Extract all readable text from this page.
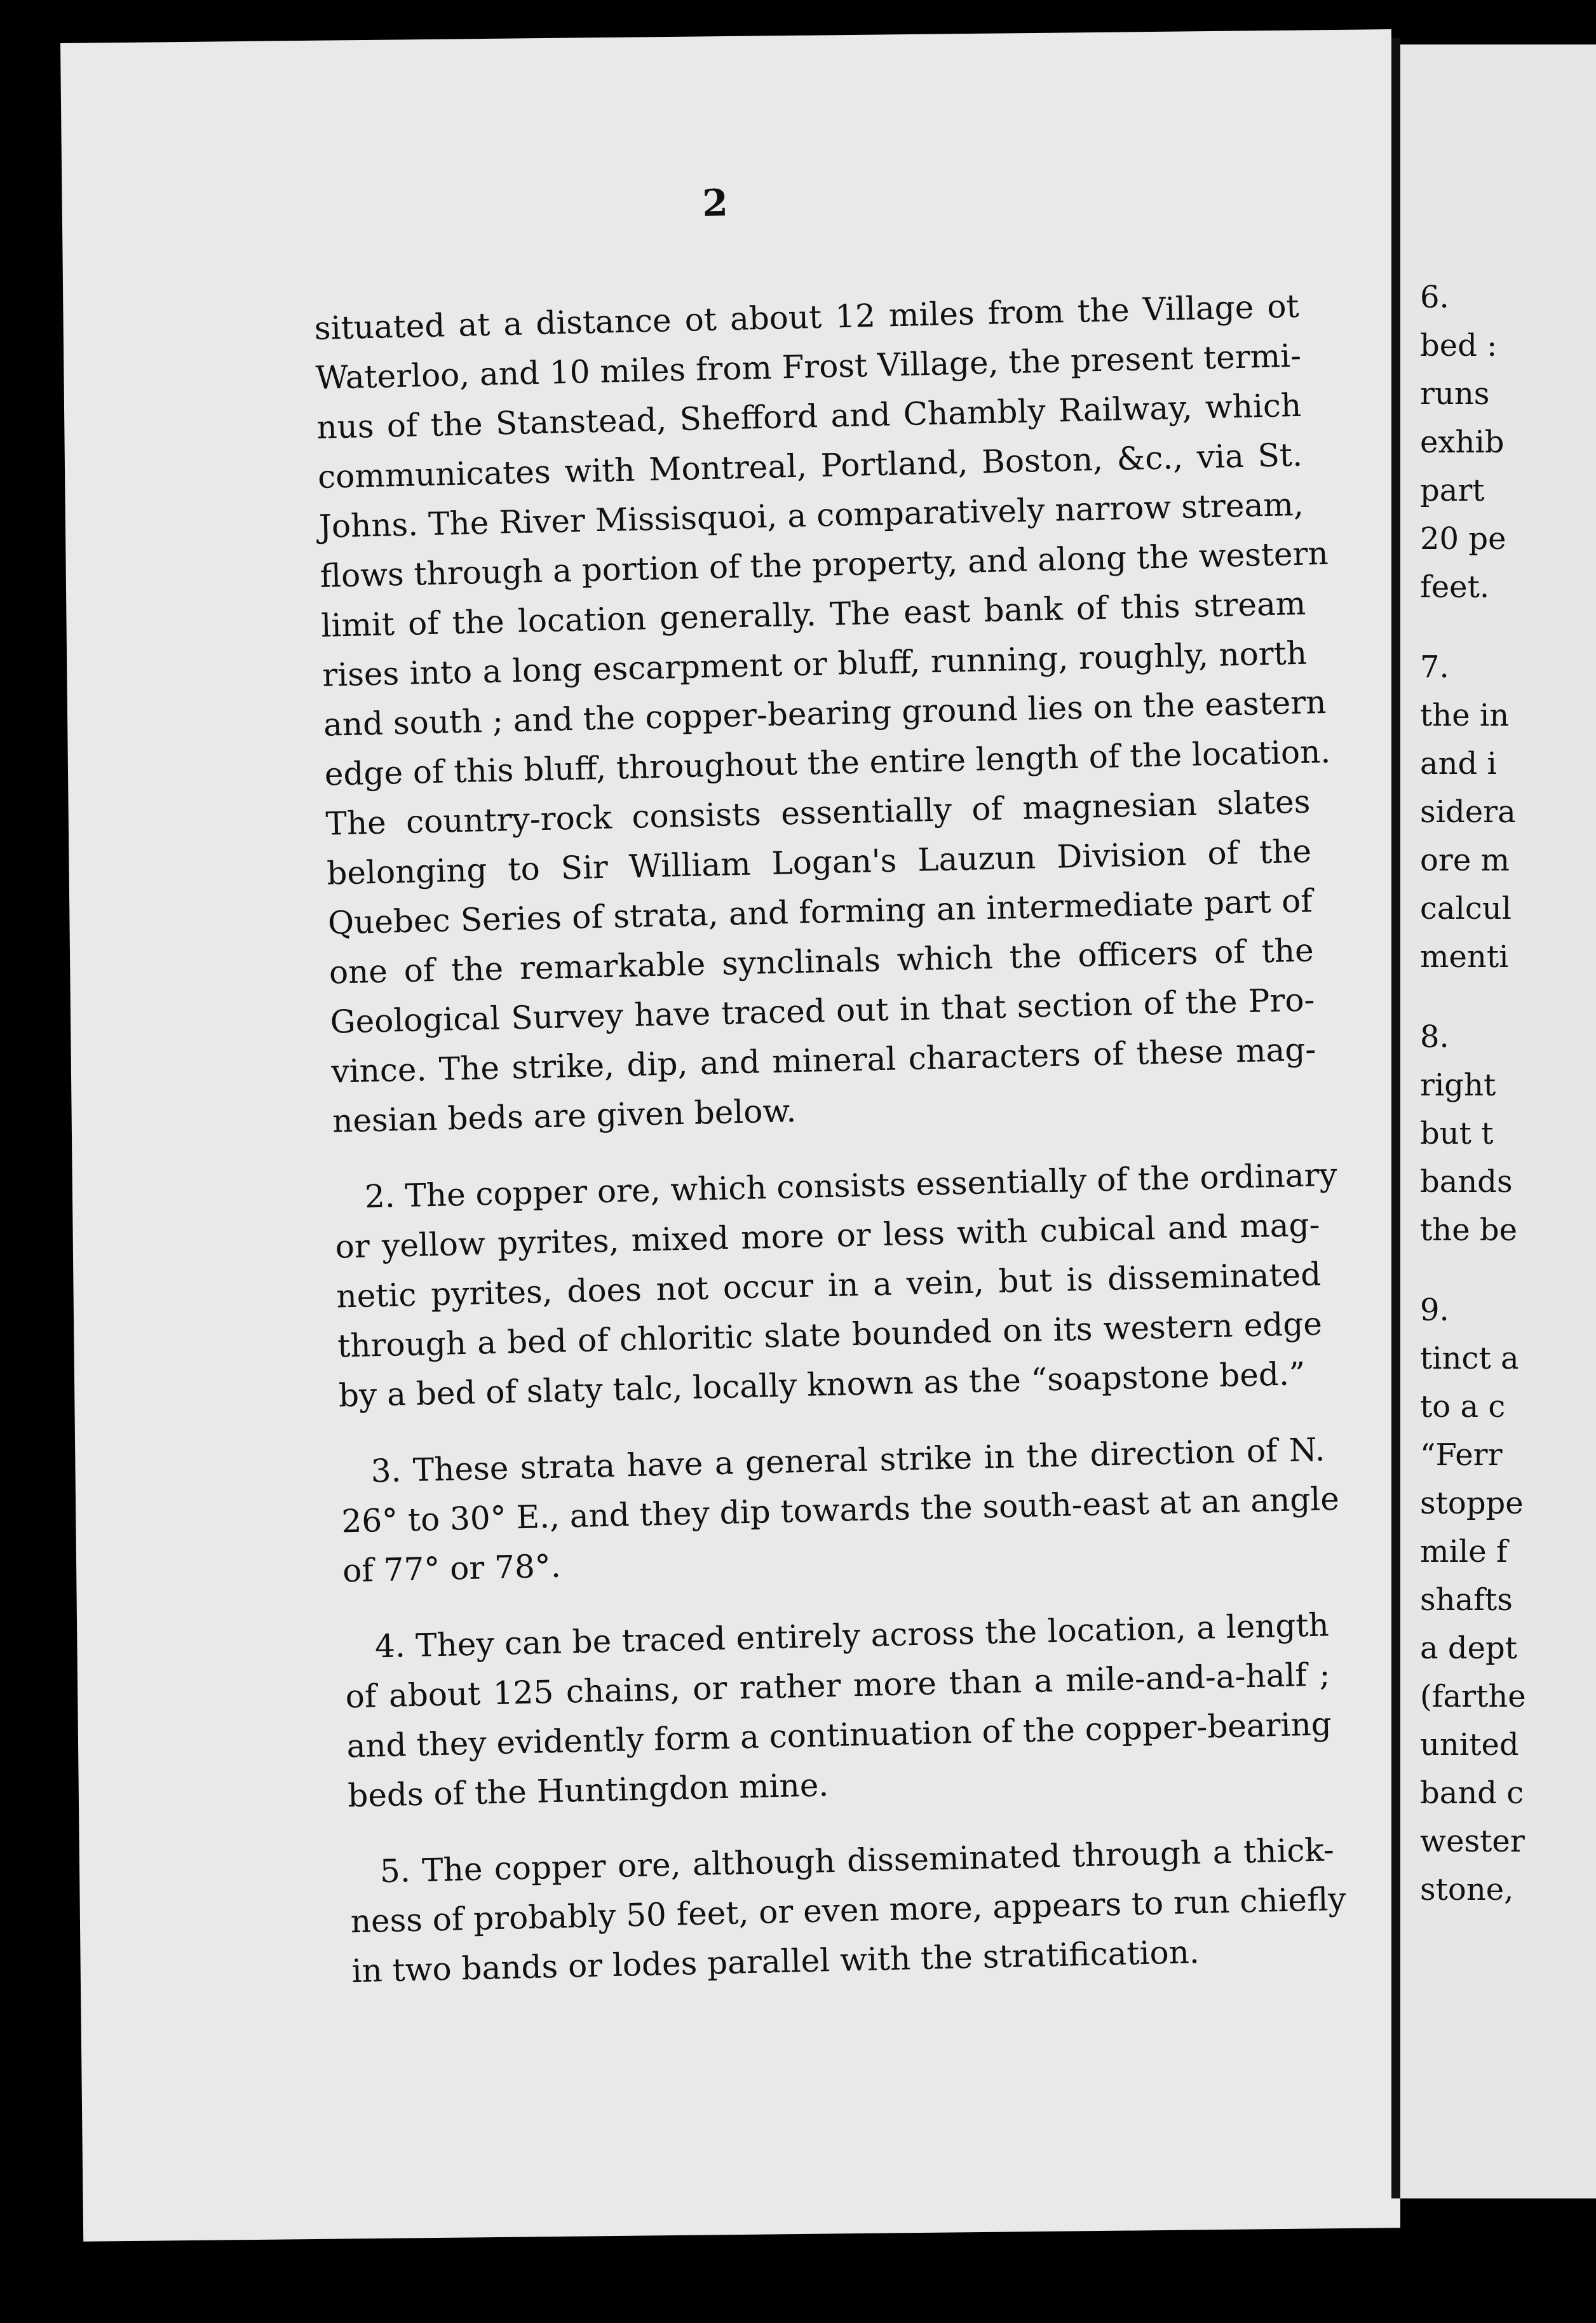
2
situated at a distance ot about 12 miles from the Village ot
Waterloo, and 10 miles from Frost Village, the present termi-
nus of the Stanstead, Shefford and Chambly Railway, which
communicates with Montreal, Portland, Boston, &c., via St.
Johns. The River Missisquoi, a comparatively narrow stream,
flows through a portion of the property, and along the western
limit of the location generally. The east bank of this stream
rises into a long escarpment or bluff, running, roughly, north
and south ; and the copper-bearing ground lies on the eastern
edge of this bluff, throughout the entire length of the location.
The country-rock consists essentially of magnesian slates
belonging to Sir William Logan's Lauzun Division of the
Quebec Series of strata, and forming an intermediate part of
one of the remarkable synclinals which the officers of the
Geological Survey have traced out in that section of the Pro-
vince. The strike, dip, and mineral characters of these mag-
nesian beds are given below.
2. The copper ore, which consists essentially of the ordinary
or yellow pyrites, mixed more or less with cubical and mag-
netic pyrites, does not occur in a vein, but is disseminated
through a bed of chloritic slate bounded on its western edge
by a bed of slaty talc, locally known as the “soapstone bed.”
3. These strata have a general strike in the direction of N.
26° to 30° E., and they dip towards the south-east at an angle
of 77° or 78°.
4. They can be traced entirely across the location, a length
of about 125 chains, or rather more than a mile-and-a-half ;
and they evidently form a continuation of the copper-bearing
beds of the Huntingdon mine.
5. The copper ore, although disseminated through a thick-
ness of probably 50 feet, or even more, appears to run chiefly
in two bands or lodes parallel with the stratification.
6.
bed :
runs
exhib
part
20 pe
feet.
7.
the in
and i
sidera
ore m
calcul
menti
8.
right
but t
bands
the be
9.
tinct a
to a c
“Ferr
stoppe
mile f
shafts
a dept
(farthe
united
band c
wester
stone,
